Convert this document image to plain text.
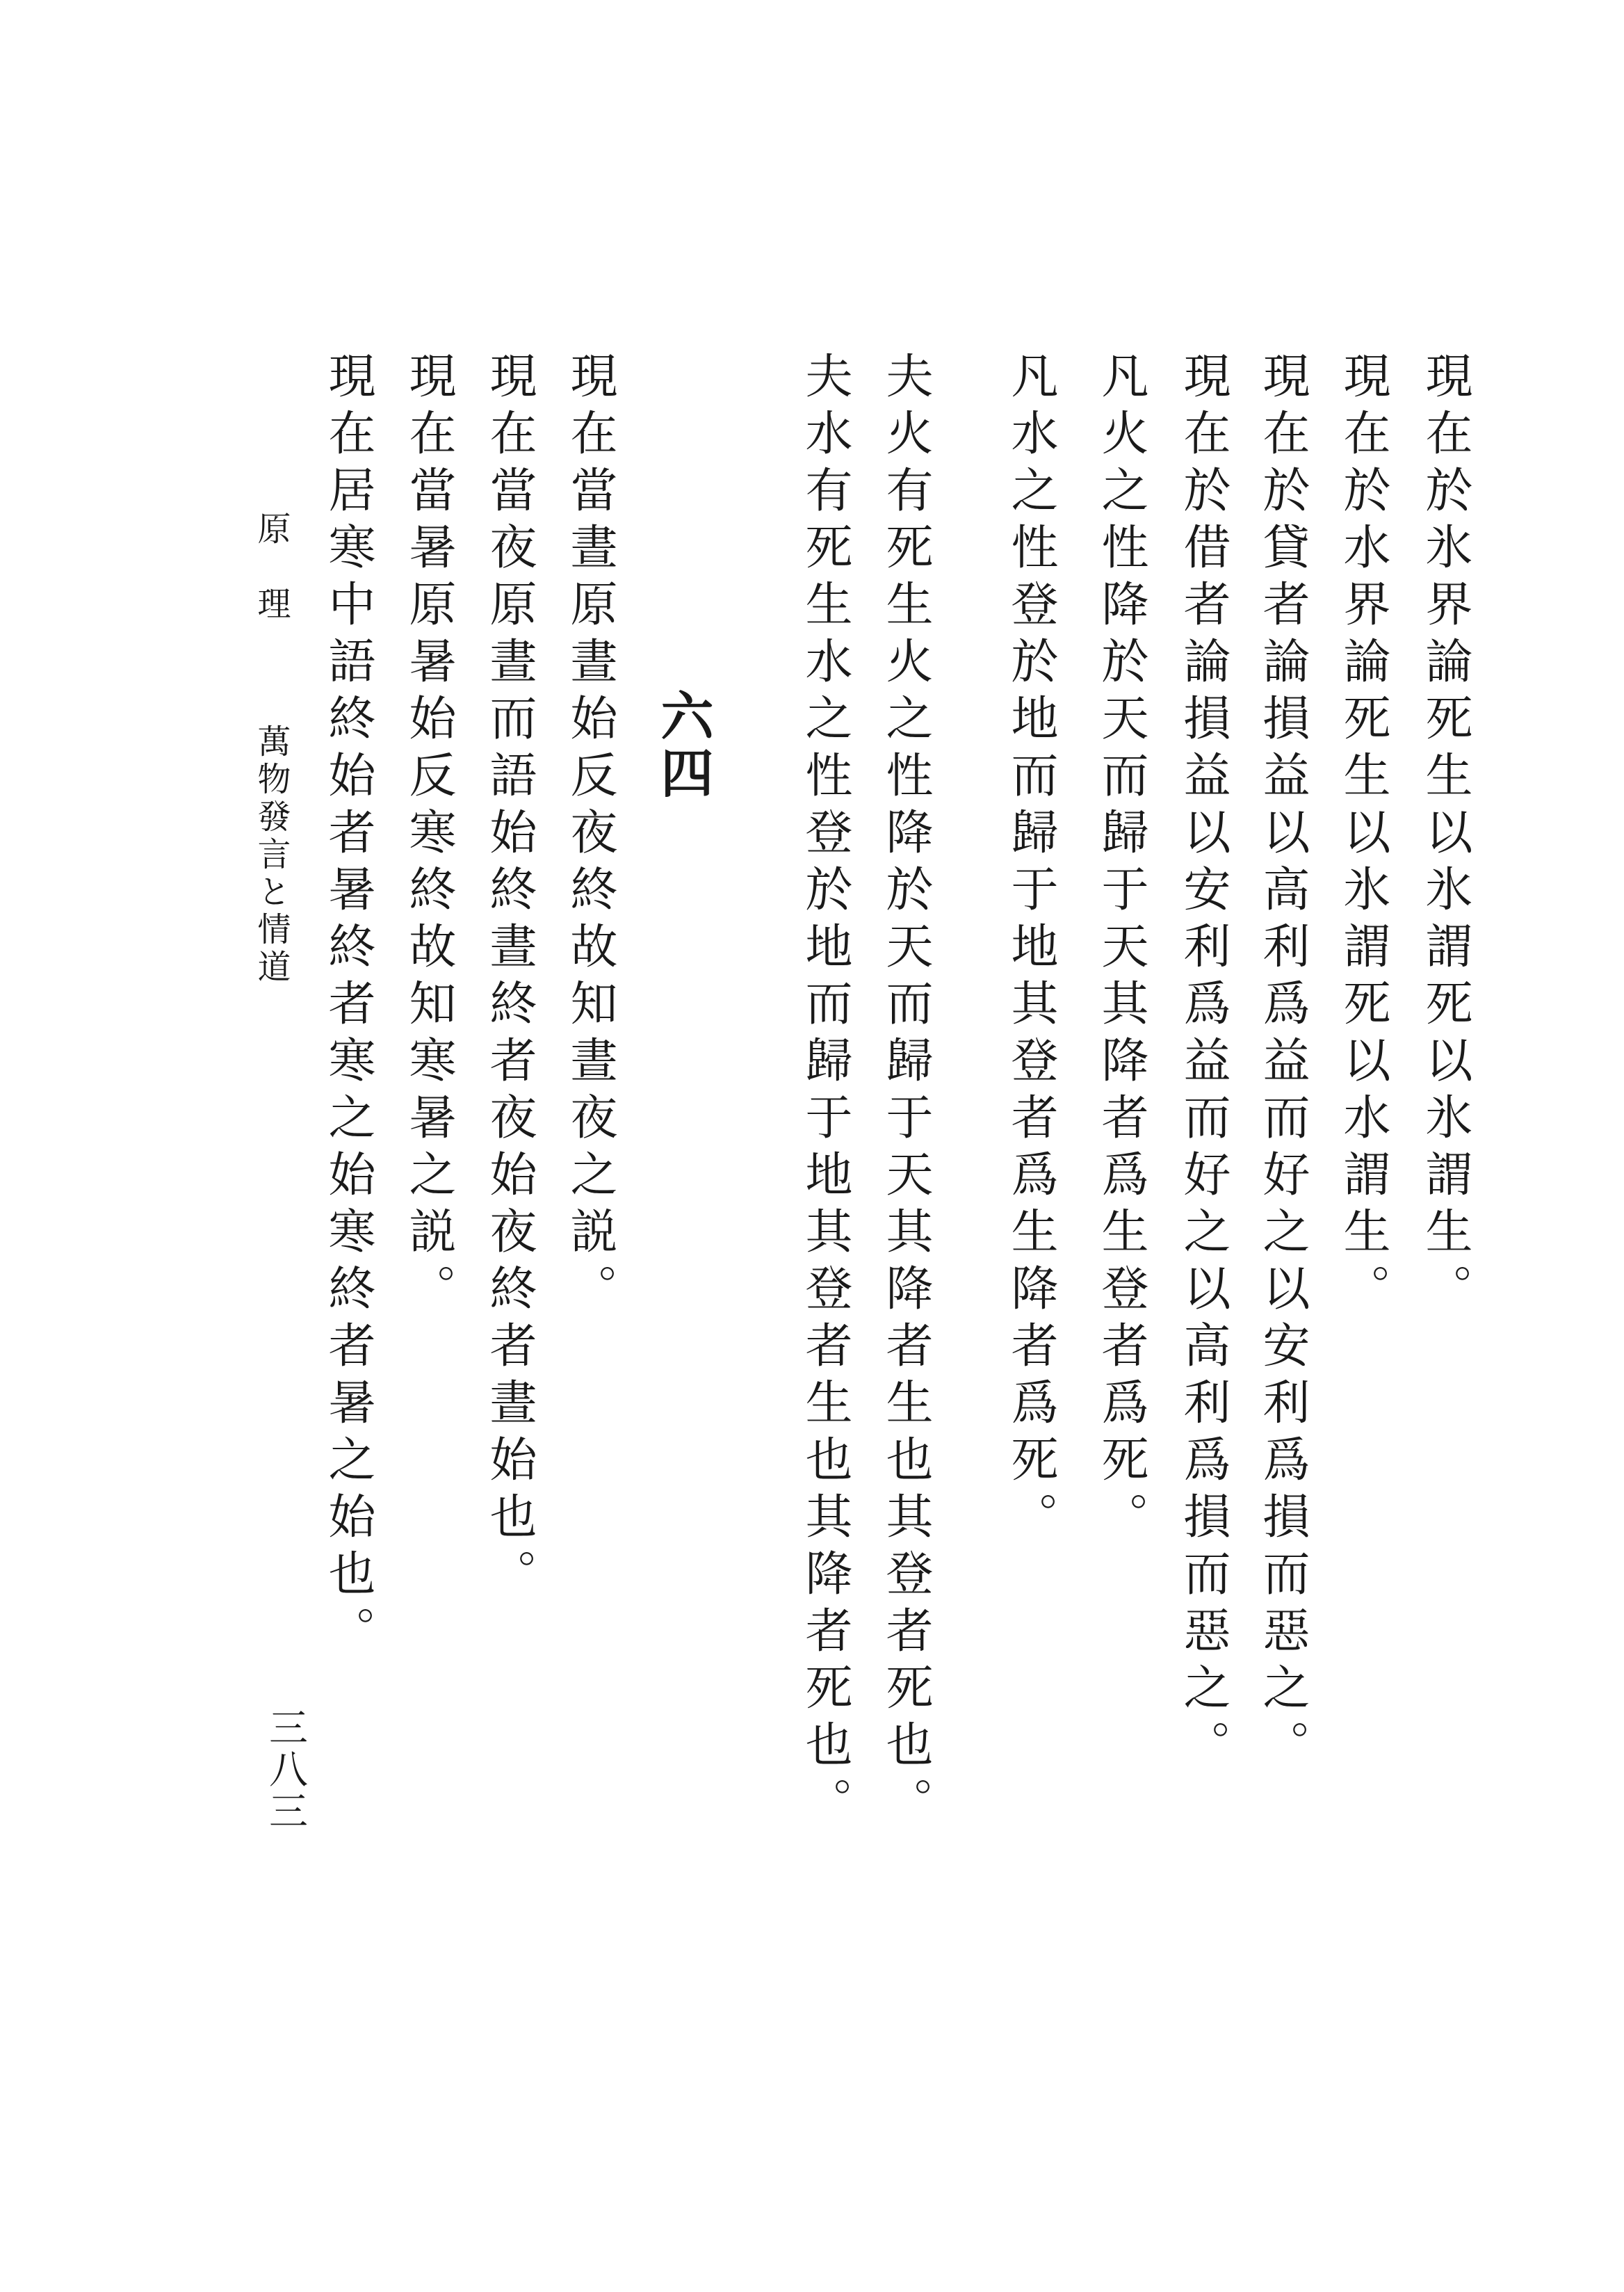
現在於氷界論死生以氷謂死以氷謂生。
現在於水界論死生以氷謂死以水謂生。
現在於貸者論損益以高利爲益而好之以安利爲損而惡之。
現在於借者論損益以安利爲益而好之以高利爲損而惡之。
凡火之性降於天而歸于天其降者爲生登者爲死。
凡水之性登於地而歸于地其登者爲生降者爲死。
夫火有死生火之性降於天而歸于天其降者生也其登者死也。
夫水有死生水之性登於地而歸于地其登者生也其降者死也。
六四
現在當晝原晝始反夜終故知晝夜之説。
現在當夜原晝而語始終晝終者夜始夜終者晝始也。
現在當暑原暑始反寒終故知寒暑之説。
現在居寒中語終始者暑終者寒之始寒終者暑之始也。
原理萬物發言と情道
三八三
